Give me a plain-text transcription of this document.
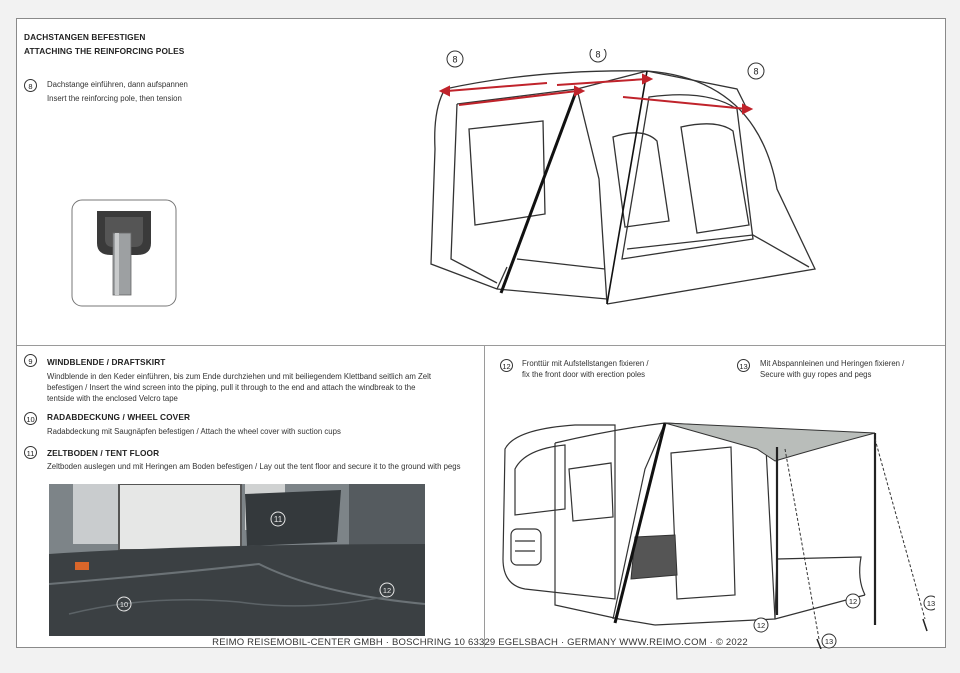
DACHSTANGEN BEFESTIGEN
ATTACHING THE REINFORCING POLES
8	Dachstange einführen, dann aufspannen
Insert the reinforcing pole, then tension
8	8
8
9	WINDBLENDE / DRAFTSKIRT
Windblende in den Keder einführen, bis zum Ende durchziehen und mit beiliegendem Klettband seitlich am Zelt
befestigen / Insert the wind screen into the piping, pull it through to the end and attach the windbreak to the
tentside with the enclosed Velcro tape
10 RADABDECKUNG / WHEEL COVER
Radabdeckung mit Saugnäpfen befestigen / Attach the wheel cover with suction cups
11	ZELTBODEN / TENT FLOOR
Zeltboden auslegen und mit Heringen am Boden befestigen / Lay out the tent floor and secure it to the ground with pegs
11
10
12
12 Fronttür mit Aufstellstangen fixieren /
fix the front door with erection poles
13 Mit Abspannleinen und Heringen fixieren /
Secure with guy ropes and pegs
12
12
13
13
REIMO REISEMOBIL-CENTER GMBH · BOSCHRING 10 63329 EGELSBACH · GERMANY WWW.REIMO.COM · © 2022
